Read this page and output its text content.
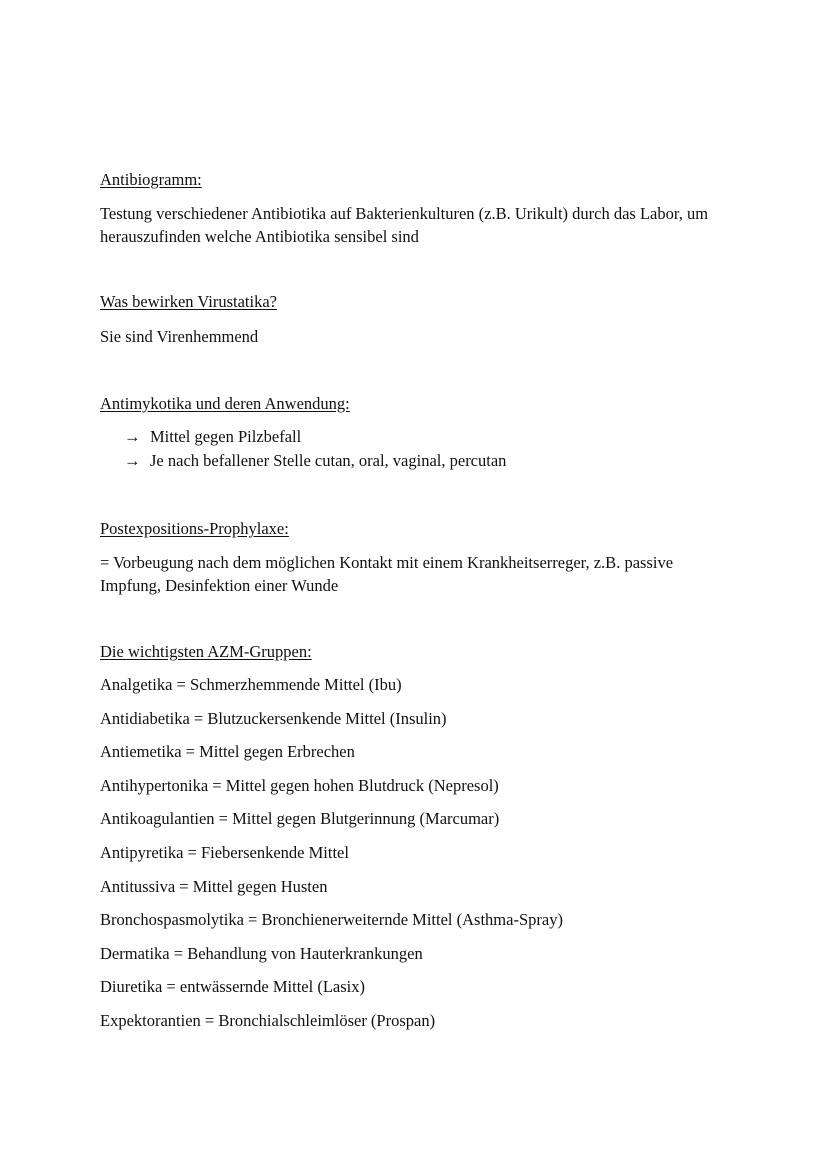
Antibiogramm:
Testung verschiedener Antibiotika auf Bakterienkulturen (z.B. Urikult) durch das Labor, um herauszufinden welche Antibiotika sensibel sind
Was bewirken Virustatika?
Sie sind Virenhemmend
Antimykotika und deren Anwendung:
→ Mittel gegen Pilzbefall
→ Je nach befallener Stelle cutan, oral, vaginal, percutan
Postexpositions-Prophylaxe:
= Vorbeugung nach dem möglichen Kontakt mit einem Krankheitserreger, z.B. passive Impfung, Desinfektion einer Wunde
Die wichtigsten AZM-Gruppen:
Analgetika = Schmerzhemmende Mittel (Ibu)
Antidiabetika = Blutzuckersenkende Mittel (Insulin)
Antiemetika = Mittel gegen Erbrechen
Antihypertonika = Mittel gegen hohen Blutdruck (Nepresol)
Antikoagulantien = Mittel gegen Blutgerinnung (Marcumar)
Antipyretika = Fiebersenkende Mittel
Antitussiva = Mittel gegen Husten
Bronchospasmolytika = Bronchienerweiternde Mittel (Asthma-Spray)
Dermatika = Behandlung von Hauterkrankungen
Diuretika = entwässernde Mittel (Lasix)
Expektorantien = Bronchialschleimlöser (Prospan)
